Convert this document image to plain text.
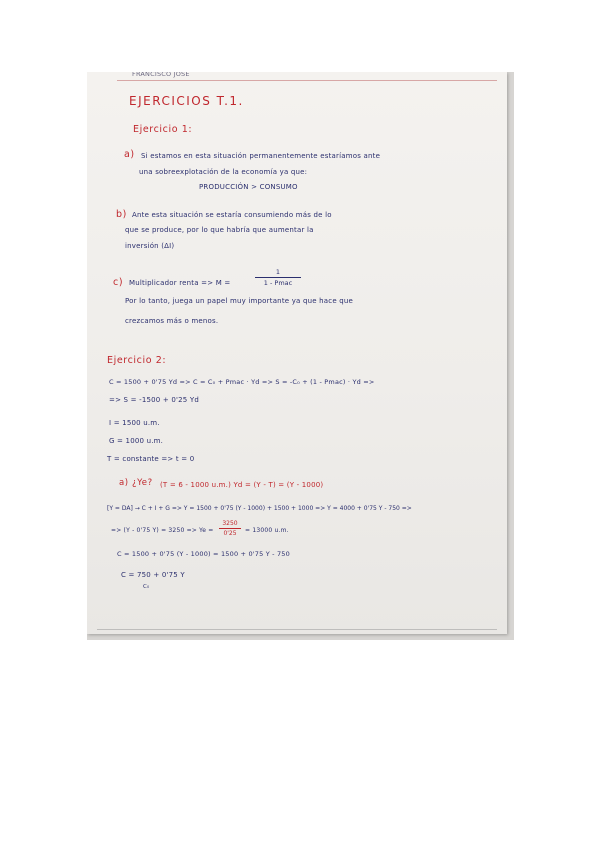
FRANCISCO JOSE
EJERCICIOS T.1.
Ejercicio 1:
a) Si estamos en esta situación permanentemente estaríamos ante
una sobreexplotación de la economía ya que:
PRODUCCIÓN > CONSUMO
b) Ante esta situación se estaría consumiendo más de lo
que se produce, por lo que habría que aumentar la
inversión (ΔI)
c) Multiplicador renta => M =
1
1 - Pmac
Por lo tanto, juega un papel muy importante ya que hace que
crezcamos más o menos.
Ejercicio 2:
C = 1500 + 0'75 Yd => C = C₀ + Pmac · Yd => S = -C₀ + (1 - Pmac) · Yd =>
=> S = -1500 + 0'25 Yd
I = 1500 u.m.
G = 1000 u.m.
T = constante => t = 0
a) ¿Ye? (T = 6 - 1000 u.m.) Yd = (Y - T) = (Y - 1000)
[Y = DA] → C + I + G => Y = 1500 + 0'75 (Y - 1000) + 1500 + 1000 => Y = 4000 + 0'75 Y - 750 =>
=> (Y - 0'75 Y) = 3250 => Ye =
3250
0'25	= 13000 u.m.
C = 1500 + 0'75 (Y - 1000) = 1500 + 0'75 Y - 750
C = 750 + 0'75 Y
C₀
